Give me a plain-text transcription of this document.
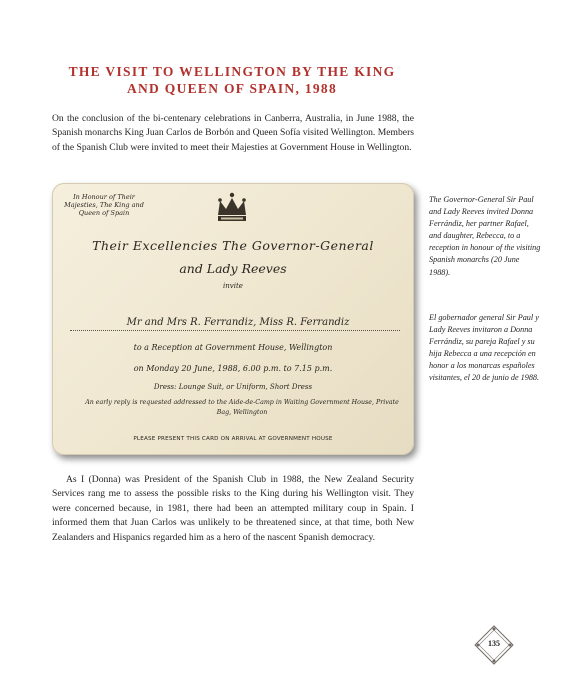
THE VISIT TO WELLINGTON BY THE KING AND QUEEN OF SPAIN, 1988

On the conclusion of the bi-centenary celebrations in Canberra, Australia, in June 1988, the Spanish monarchs King Juan Carlos de Borbón and Queen Sofía visited Wellington. Members of the Spanish Club were invited to meet their Majesties at Government House in Wellington.

In Honour of Their Majesties, The King and Queen of Spain
Their Excellencies The Governor-General
and Lady Reeves
invite
Mr and Mrs R. Ferrandiz, Miss R. Ferrandiz
to a Reception at Government House, Wellington
on Monday 20 June, 1988, 6.00 p.m. to 7.15 p.m.
Dress: Lounge Suit, or Uniform, Short Dress
An early reply is requested addressed to the Aide-de-Camp in Waiting Government House, Private Bag, Wellington
PLEASE PRESENT THIS CARD ON ARRIVAL AT GOVERNMENT HOUSE
The Governor-General Sir Paul and Lady Reeves invited Donna Ferrándiz, her partner Rafael, and daughter, Rebecca, to a reception in honour of the visiting Spanish monarchs (20 June 1988).
El gobernador general Sir Paul y Lady Reeves invitaron a Donna Ferrándiz, su pareja Rafael y su hija Rebecca a una recepción en honor a los monarcas españoles visitantes, el 20 de junio de 1988.

As I (Donna) was President of the Spanish Club in 1988, the New Zealand Security Services rang me to assess the possible risks to the King during his Wellington visit. They were concerned because, in 1981, there had been an attempted military coup in Spain. I informed them that Juan Carlos was unlikely to be threatened since, at that time, both New Zealanders and Hispanics regarded him as a hero of the nascent Spanish democracy.

135
